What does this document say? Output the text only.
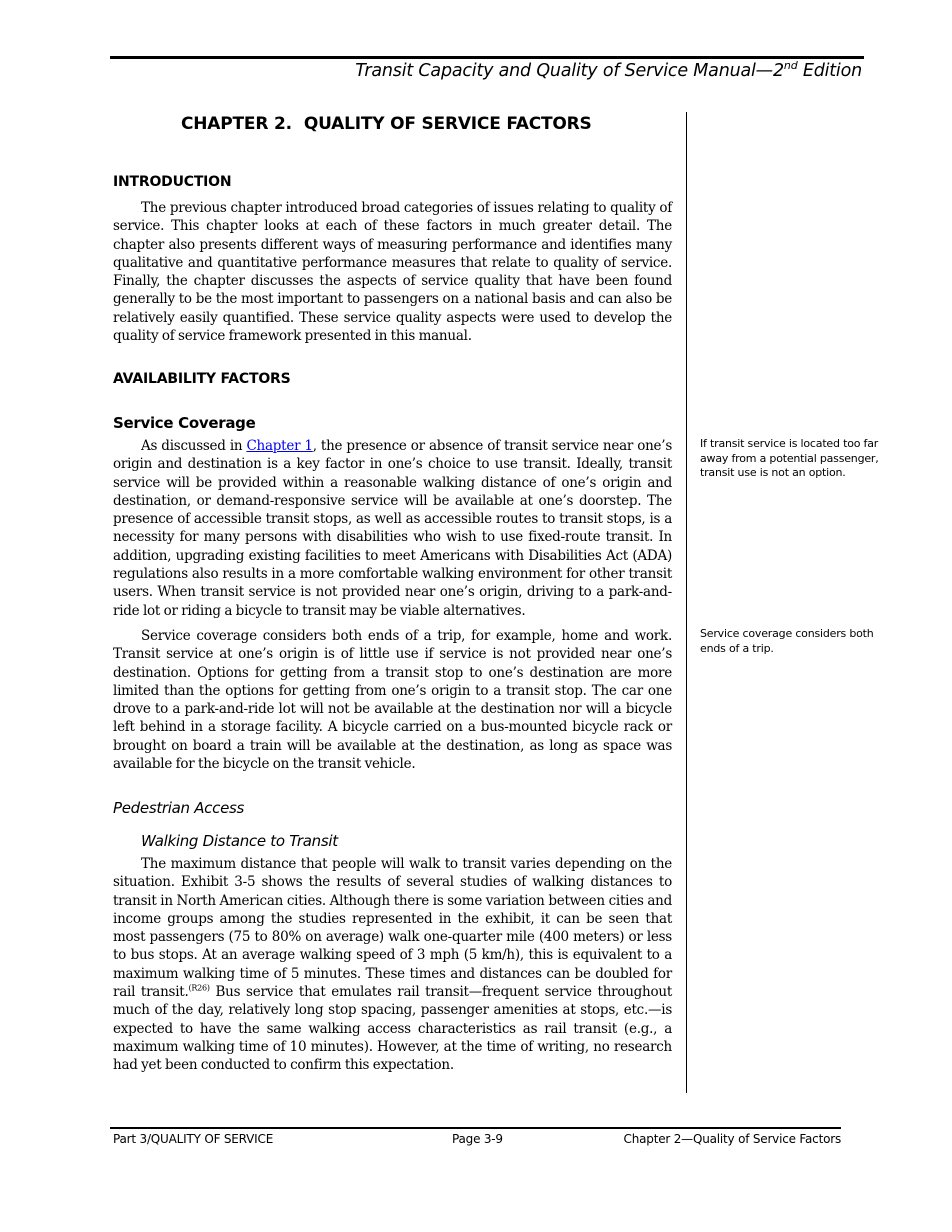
Transit Capacity and Quality of Service Manual—2nd Edition
CHAPTER 2. QUALITY OF SERVICE FACTORS
INTRODUCTION

The previous chapter introduced broad categories of issues relating to quality of service. This chapter looks at each of these factors in much greater detail. The chapter also presents different ways of measuring performance and identifies many qualitative and quantitative performance measures that relate to quality of service. Finally, the chapter discusses the aspects of service quality that have been found generally to be the most important to passengers on a national basis and can also be relatively easily quantified. These service quality aspects were used to develop the quality of service framework presented in this manual.

AVAILABILITY FACTORS
Service Coverage

As discussed in Chapter 1, the presence or absence of transit service near one’s origin and destination is a key factor in one’s choice to use transit. Ideally, transit service will be provided within a reasonable walking distance of one’s origin and destination, or demand-responsive service will be available at one’s doorstep. The presence of accessible transit stops, as well as accessible routes to transit stops, is a necessity for many persons with disabilities who wish to use fixed-route transit. In addition, upgrading existing facilities to meet Americans with Disabilities Act (ADA) regulations also results in a more comfortable walking environment for other transit users. When transit service is not provided near one’s origin, driving to a park-and-ride lot or riding a bicycle to transit may be viable alternatives.

Service coverage considers both ends of a trip, for example, home and work. Transit service at one’s origin is of little use if service is not provided near one’s destination. Options for getting from a transit stop to one’s destination are more limited than the options for getting from one’s origin to a transit stop. The car one drove to a park-and-ride lot will not be available at the destination nor will a bicycle left behind in a storage facility. A bicycle carried on a bus-mounted bicycle rack or brought on board a train will be available at the destination, as long as space was available for the bicycle on the transit vehicle.

Pedestrian Access
Walking Distance to Transit

The maximum distance that people will walk to transit varies depending on the situation. Exhibit 3-5 shows the results of several studies of walking distances to transit in North American cities. Although there is some variation between cities and income groups among the studies represented in the exhibit, it can be seen that most passengers (75 to 80% on average) walk one-quarter mile (400 meters) or less to bus stops. At an average walking speed of 3 mph (5 km/h), this is equivalent to a maximum walking time of 5 minutes. These times and distances can be doubled for rail transit.$^{(R26)}$ Bus service that emulates rail transit—frequent service throughout much of the day, relatively long stop spacing, passenger amenities at stops, etc.—is expected to have the same walking access characteristics as rail transit (e.g., a maximum walking time of 10 minutes). However, at the time of writing, no research had yet been conducted to confirm this expectation.

If transit service is located too far away from a potential passenger, transit use is not an option.
Service coverage considers both ends of a trip.
Part 3/QUALITY OF SERVICE	Page 3-9	Chapter 2—Quality of Service Factors
